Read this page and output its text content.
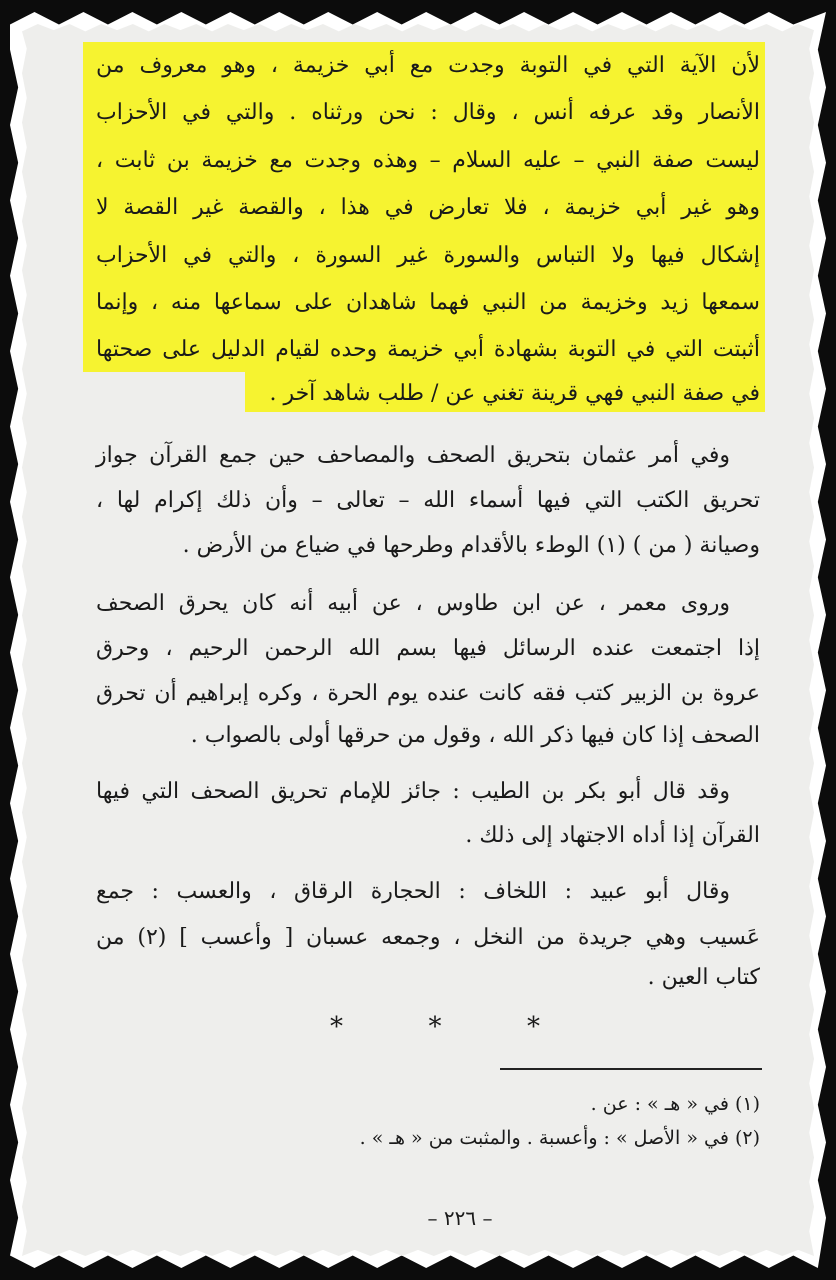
لأن الآية التي في التوبة وجدت مع أبي خزيمة ، وهو معروف من
الأنصار وقد عرفه أنس ، وقال : نحن ورثناه . والتي في الأحزاب
ليست صفة النبي – عليه السلام – وهذه وجدت مع خزيمة بن ثابت ،
وهو غير أبي خزيمة ، فلا تعارض في هذا ، والقصة غير القصة لا
إشكال فيها ولا التباس والسورة غير السورة ، والتي في الأحزاب
سمعها زيد وخزيمة من النبي فهما شاهدان على سماعها منه ، وإنما
أثبتت التي في التوبة بشهادة أبي خزيمة وحده لقيام الدليل على صحتها
في صفة النبي فهي قرينة تغني عن / طلب شاهد آخر .
وفي أمر عثمان بتحريق الصحف والمصاحف حين جمع القرآن جواز
تحريق الكتب التي فيها أسماء الله – تعالى – وأن ذلك إكرام لها ،
وصيانة ( من ) (١) الوطء بالأقدام وطرحها في ضياع من الأرض .
وروى معمر ، عن ابن طاوس ، عن أبيه أنه كان يحرق الصحف
إذا اجتمعت عنده الرسائل فيها بسم الله الرحمن الرحيم ، وحرق
عروة بن الزبير كتب فقه كانت عنده يوم الحرة ، وكره إبراهيم أن تحرق
الصحف إذا كان فيها ذكر الله ، وقول من حرقها أولى بالصواب .
وقد قال أبو بكر بن الطيب : جائز للإمام تحريق الصحف التي فيها
القرآن إذا أداه الاجتهاد إلى ذلك .
وقال أبو عبيد : اللخاف : الحجارة الرقاق ، والعسب : جمع
عَسيب وهي جريدة من النخل ، وجمعه عسبان [ وأعسب ] (٢) من
كتاب العين .
*
*
*
(١) في « هـ » : عن .
(٢) في « الأصل » : وأعسبة . والمثبت من « هـ » .
– ٢٢٦ –
